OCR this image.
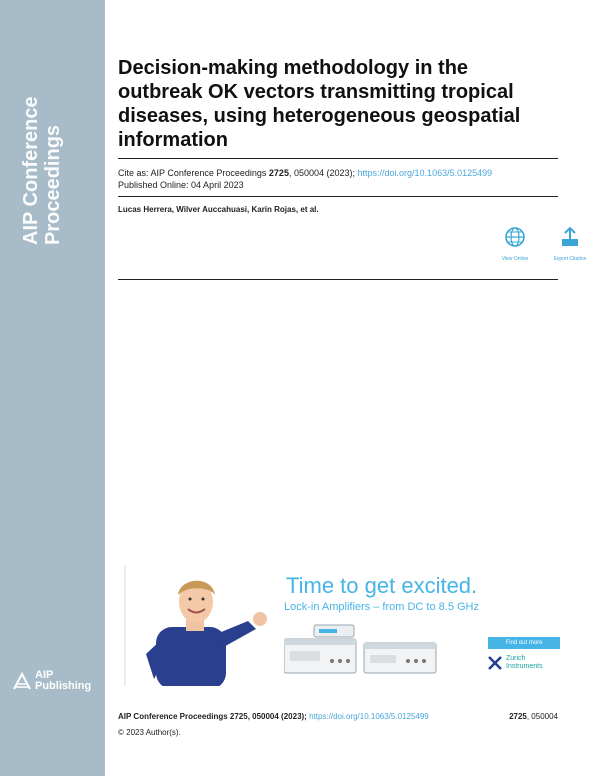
AIP Conference Proceedings
AIP
Publishing
Decision-making methodology in the outbreak OK vectors transmitting tropical diseases, using heterogeneous geospatial information
Cite as: AIP Conference Proceedings 2725, 050004 (2023); https://doi.org/10.1063/5.0125499
Published Online: 04 April 2023
Lucas Herrera, Wilver Auccahuasi, Karin Rojas, et al.
View Online	Export Citation
Time to get excited.
Lock-in Amplifiers – from DC to 8.5 GHz
Find out more
Zurich
Instruments
AIP Conference Proceedings 2725, 050004 (2023); https://doi.org/10.1063/5.0125499	2725, 050004
© 2023 Author(s).
